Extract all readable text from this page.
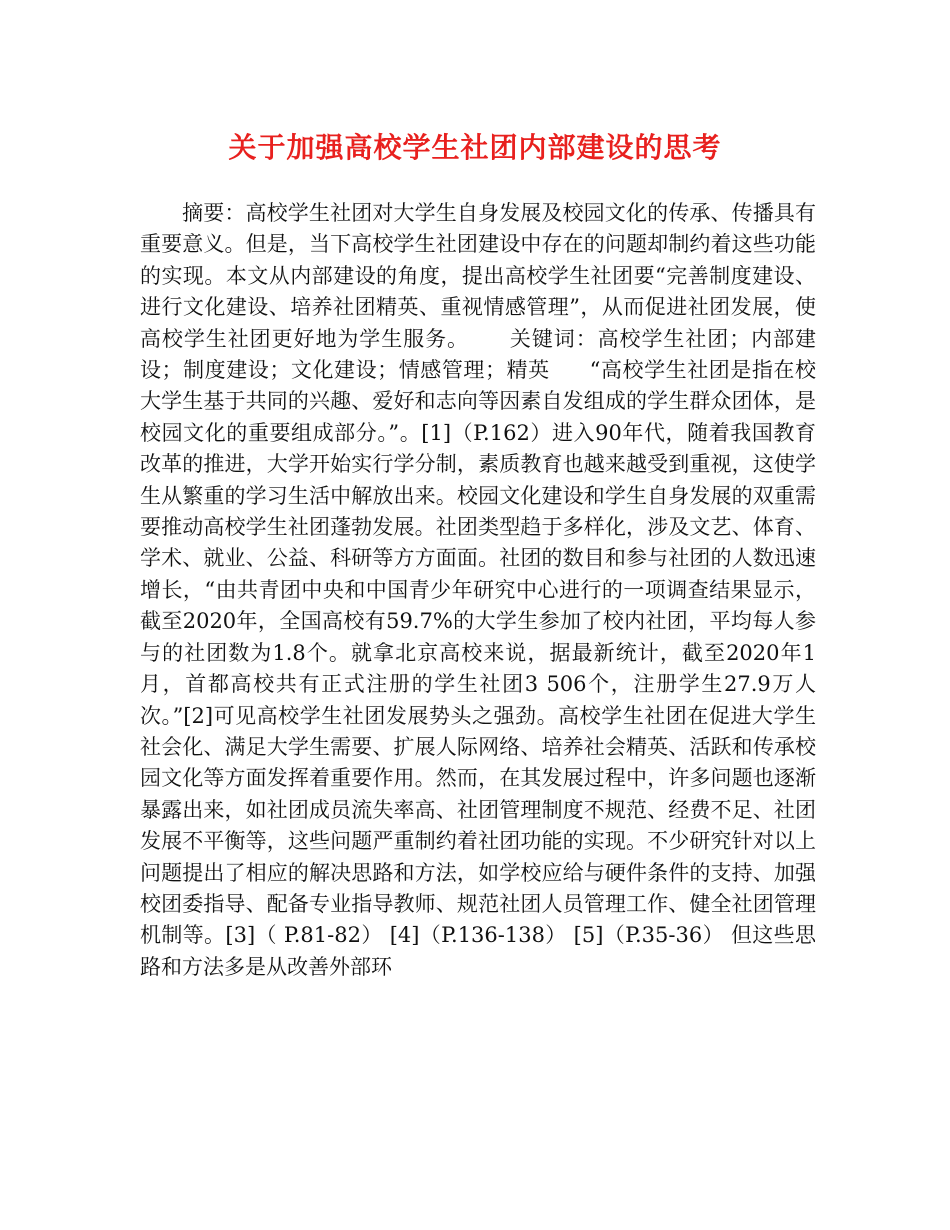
关于加强高校学生社团内部建设的思考

摘要：高校学生社团对大学生自身发展及校园文化的传承、传播具有重要意义。但是，当下高校学生社团建设中存在的问题却制约着这些功能的实现。本文从内部建设的角度，提出高校学生社团要“完善制度建设、进行文化建设、培养社团精英、重视情感管理”，从而促进社团发展，使高校学生社团更好地为学生服务。 关键词：高校学生社团；内部建设；制度建设；文化建设；情感管理；精英 “高校学生社团是指在校大学生基于共同的兴趣、爱好和志向等因素自发组成的学生群众团体，是校园文化的重要组成部分。”。[1]（P.162）进入90年代，随着我国教育改革的推进，大学开始实行学分制，素质教育也越来越受到重视，这使学生从繁重的学习生活中解放出来。校园文化建设和学生自身发展的双重需要推动高校学生社团蓬勃发展。社团类型趋于多样化，涉及文艺、体育、学术、就业、公益、科研等方方面面。社团的数目和参与社团的人数迅速增长，“由共青团中央和中国青少年研究中心进行的一项调查结果显示，截至2020年，全国高校有59.7%的大学生参加了校内社团，平均每人参与的社团数为1.8个。就拿北京高校来说，据最新统计，截至2020年1月，首都高校共有正式注册的学生社团3 506个，注册学生27.9万人次。”[2]可见高校学生社团发展势头之强劲。高校学生社团在促进大学生社会化、满足大学生需要、扩展人际网络、培养社会精英、活跃和传承校园文化等方面发挥着重要作用。然而，在其发展过程中，许多问题也逐渐暴露出来，如社团成员流失率高、社团管理制度不规范、经费不足、社团发展不平衡等，这些问题严重制约着社团功能的实现。不少研究针对以上问题提出了相应的解决思路和方法，如学校应给与硬件条件的支持、加强校团委指导、配备专业指导教师、规范社团人员管理工作、健全社团管理机制等。[3]（ P.81-82） [4]（P.136-138） [5]（P.35-36） 但这些思路和方法多是从改善外部环
